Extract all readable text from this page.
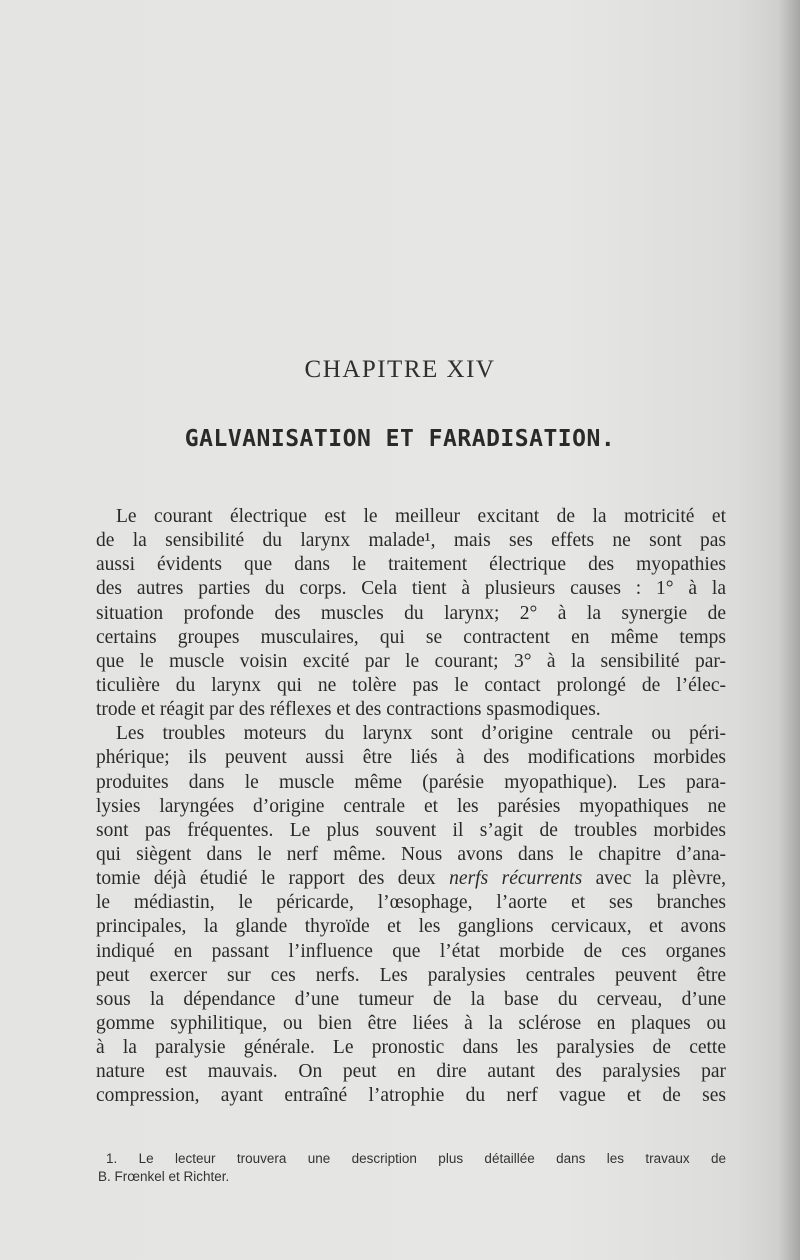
CHAPITRE XIV
GALVANISATION ET FARADISATION.
Le courant électrique est le meilleur excitant de la motricité et
de la sensibilité du larynx malade¹, mais ses effets ne sont pas
aussi évidents que dans le traitement électrique des myopathies
des autres parties du corps. Cela tient à plusieurs causes : 1° à la
situation profonde des muscles du larynx; 2° à la synergie de
certains groupes musculaires, qui se contractent en même temps
que le muscle voisin excité par le courant; 3° à la sensibilité par-
ticulière du larynx qui ne tolère pas le contact prolongé de l’élec-
trode et réagit par des réflexes et des contractions spasmodiques.
Les troubles moteurs du larynx sont d’origine centrale ou péri-
phérique; ils peuvent aussi être liés à des modifications morbides
produites dans le muscle même (parésie myopathique). Les para-
lysies laryngées d’origine centrale et les parésies myopathiques ne
sont pas fréquentes. Le plus souvent il s’agit de troubles morbides
qui siègent dans le nerf même. Nous avons dans le chapitre d’ana-
tomie déjà étudié le rapport des deux nerfs récurrents avec la plèvre,
le médiastin, le péricarde, l’œsophage, l’aorte et ses branches
principales, la glande thyroïde et les ganglions cervicaux, et avons
indiqué en passant l’influence que l’état morbide de ces organes
peut exercer sur ces nerfs. Les paralysies centrales peuvent être
sous la dépendance d’une tumeur de la base du cerveau, d’une
gomme syphilitique, ou bien être liées à la sclérose en plaques ou
à la paralysie générale. Le pronostic dans les paralysies de cette
nature est mauvais. On peut en dire autant des paralysies par
compression, ayant entraîné l’atrophie du nerf vague et de ses
1. Le lecteur trouvera une description plus détaillée dans les travaux de
B. Frœnkel et Richter.
